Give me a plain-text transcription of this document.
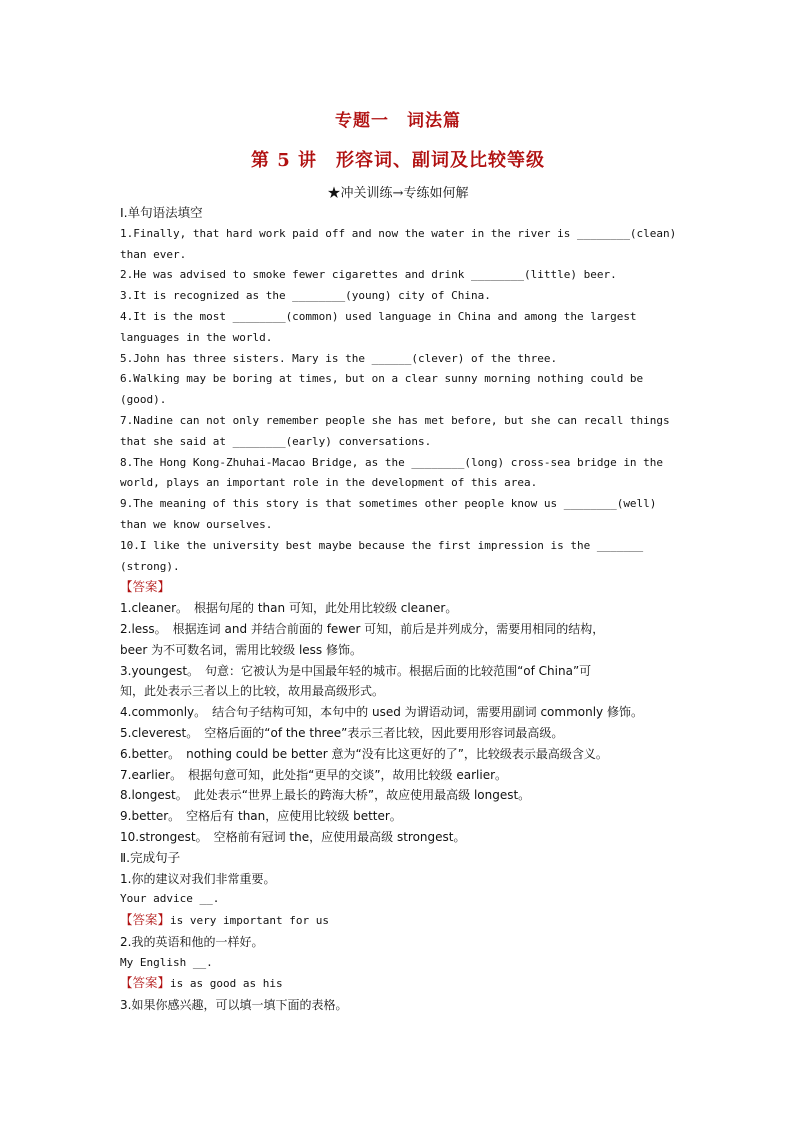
专题一　词法篇
第 5 讲　形容词、副词及比较等级
★冲关训练→专练如何解
Ⅰ.单句语法填空
1.Finally, that hard work paid off and now the water in the river is ________(clean)
than ever.
2.He was advised to smoke fewer cigarettes and drink ________(little) beer.
3.It is recognized as the ________(young) city of China.
4.It is the most ________(common) used language in China and among the largest
languages in the world.
5.John has three sisters. Mary is the ______(clever) of the three.
6.Walking may be boring at times, but on a clear sunny morning nothing could be
(good).
7.Nadine can not only remember people she has met before, but she can recall things
that she said at ________(early) conversations.
8.The Hong Kong-Zhuhai-Macao Bridge, as the ________(long) cross-sea bridge in the
world, plays an important role in the development of this area.
9.The meaning of this story is that sometimes other people know us ________(well)
than we know ourselves.
10.I like the university best maybe because the first impression is the _______
(strong).
【答案】
1.cleaner。　根据句尾的 than 可知，此处用比较级 cleaner。
2.less。　根据连词 and 并结合前面的 fewer 可知，前后是并列成分，需要用相同的结构，
beer 为不可数名词，需用比较级 less 修饰。
3.youngest。　句意：它被认为是中国最年轻的城市。根据后面的比较范围“of China”可
知，此处表示三者以上的比较，故用最高级形式。
4.commonly。　结合句子结构可知，本句中的 used 为谓语动词，需要用副词 commonly 修饰。
5.cleverest。　空格后面的“of the three”表示三者比较，因此要用形容词最高级。
6.better。　nothing could be better 意为“没有比这更好的了”，比较级表示最高级含义。
7.earlier。　根据句意可知，此处指“更早的交谈”，故用比较级 earlier。
8.longest。　此处表示“世界上最长的跨海大桥”，故应使用最高级 longest。
9.better。　空格后有 than，应使用比较级 better。
10.strongest。　空格前有冠词 the，应使用最高级 strongest。
Ⅱ.完成句子
1.你的建议对我们非常重要。
Your advice __.
【答案】is very important for us
2.我的英语和他的一样好。
My English __.
【答案】is as good as his
3.如果你感兴趣，可以填一填下面的表格。
